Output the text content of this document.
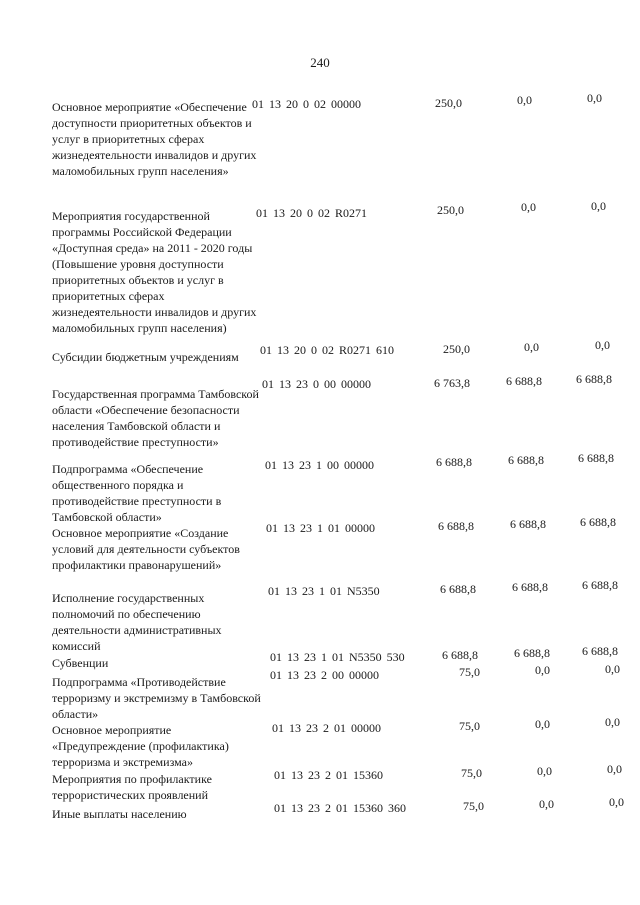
240
Основное мероприятие «Обеспечение доступности приоритетных объектов и услуг в приоритетных сферах жизнедеятельности инвалидов и других маломобильных групп населения»
01 13 20 0 02 00000	250,0	0,0	0,0
Мероприятия государственной программы Российской Федерации «Доступная среда» на 2011 - 2020 годы (Повышение уровня доступности приоритетных объектов и услуг в приоритетных сферах жизнедеятельности инвалидов и других маломобильных групп населения)
01 13 20 0 02 R0271	250,0	0,0	0,0
Субсидии бюджетным учреждениям	01 13 20 0 02 R0271 610	250,0	0,0	0,0
Государственная программа Тамбовской области «Обеспечение безопасности населения Тамбовской области и противодействие преступности»
01 13 23 0 00 00000	6 763,8	6 688,8	6 688,8
Подпрограмма «Обеспечение общественного порядка и противодействие преступности в Тамбовской области»
01 13 23 1 00 00000	6 688,8	6 688,8	6 688,8
Основное мероприятие «Создание условий для деятельности субъектов профилактики правонарушений»
01 13 23 1 01 00000	6 688,8	6 688,8	6 688,8
Исполнение государственных полномочий по обеспечению деятельности административных комиссий
01 13 23 1 01 N5350	6 688,8	6 688,8	6 688,8
Субвенции	01 13 23 1 01 N5350 530	6 688,8	6 688,8	6 688,8
Подпрограмма «Противодействие терроризму и экстремизму в Тамбовской области»
01 13 23 2 00 00000	75,0	0,0	0,0
Основное мероприятие «Предупреждение (профилактика) терроризма и экстремизма»
01 13 23 2 01 00000	75,0	0,0	0,0
Мероприятия по профилактике террористических проявлений
01 13 23 2 01 15360	75,0	0,0	0,0
Иные выплаты населению	01 13 23 2 01 15360 360	75,0	0,0	0,0
